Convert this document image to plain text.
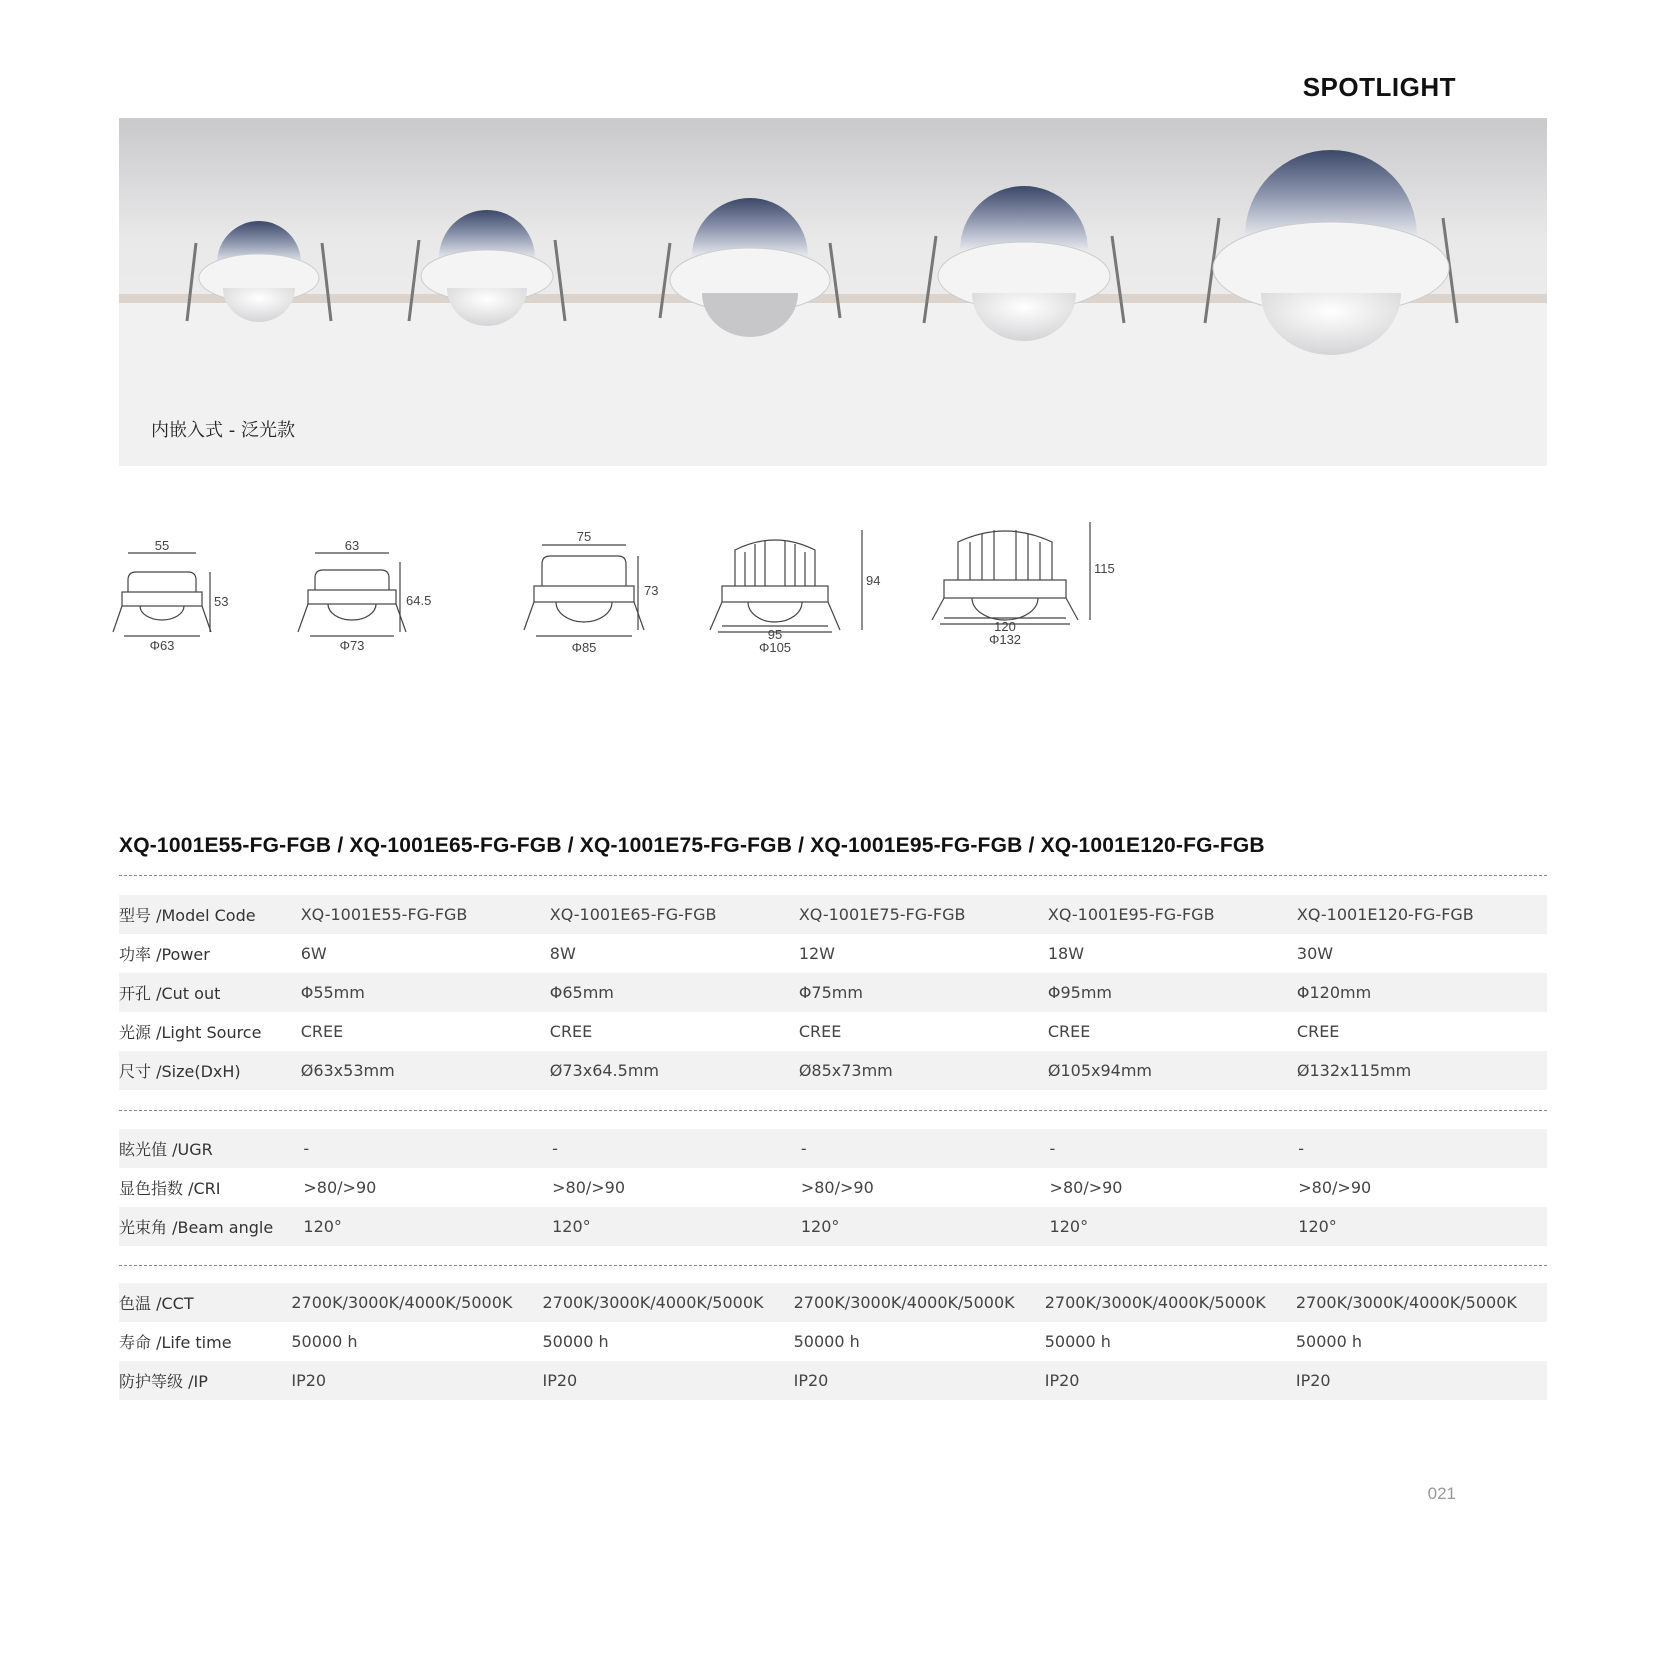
SPOTLIGHT
内嵌入式 - 泛光款
55
53
Φ63
63
64.5
Φ73
75
73
Φ85
94
95
Φ105
115
120
Φ132
XQ-1001E55-FG-FGB / XQ-1001E65-FG-FGB / XQ-1001E75-FG-FGB / XQ-1001E95-FG-FGB / XQ-1001E120-FG-FGB
型号 /Model Code	XQ-1001E55-FG-FGB	XQ-1001E65-FG-FGB	XQ-1001E75-FG-FGB	XQ-1001E95-FG-FGB	XQ-1001E120-FG-FGB
功率 /Power	6W	8W	12W	18W	30W
开孔 /Cut out	Φ55mm	Φ65mm	Φ75mm	Φ95mm	Φ120mm
光源 /Light Source	CREE	CREE	CREE	CREE	CREE
尺寸 /Size(DxH)	Ø63x53mm	Ø73x64.5mm	Ø85x73mm	Ø105x94mm	Ø132x115mm
眩光值 /UGR	-	-	-	-	-
显色指数 /CRI	>80/>90	>80/>90	>80/>90	>80/>90	>80/>90
光束角 /Beam angle	120°	120°	120°	120°	120°
色温 /CCT	2700K/3000K/4000K/5000K	2700K/3000K/4000K/5000K	2700K/3000K/4000K/5000K	2700K/3000K/4000K/5000K	2700K/3000K/4000K/5000K
寿命 /Life time	50000 h	50000 h	50000 h	50000 h	50000 h
防护等级 /IP	IP20	IP20	IP20	IP20	IP20
021
